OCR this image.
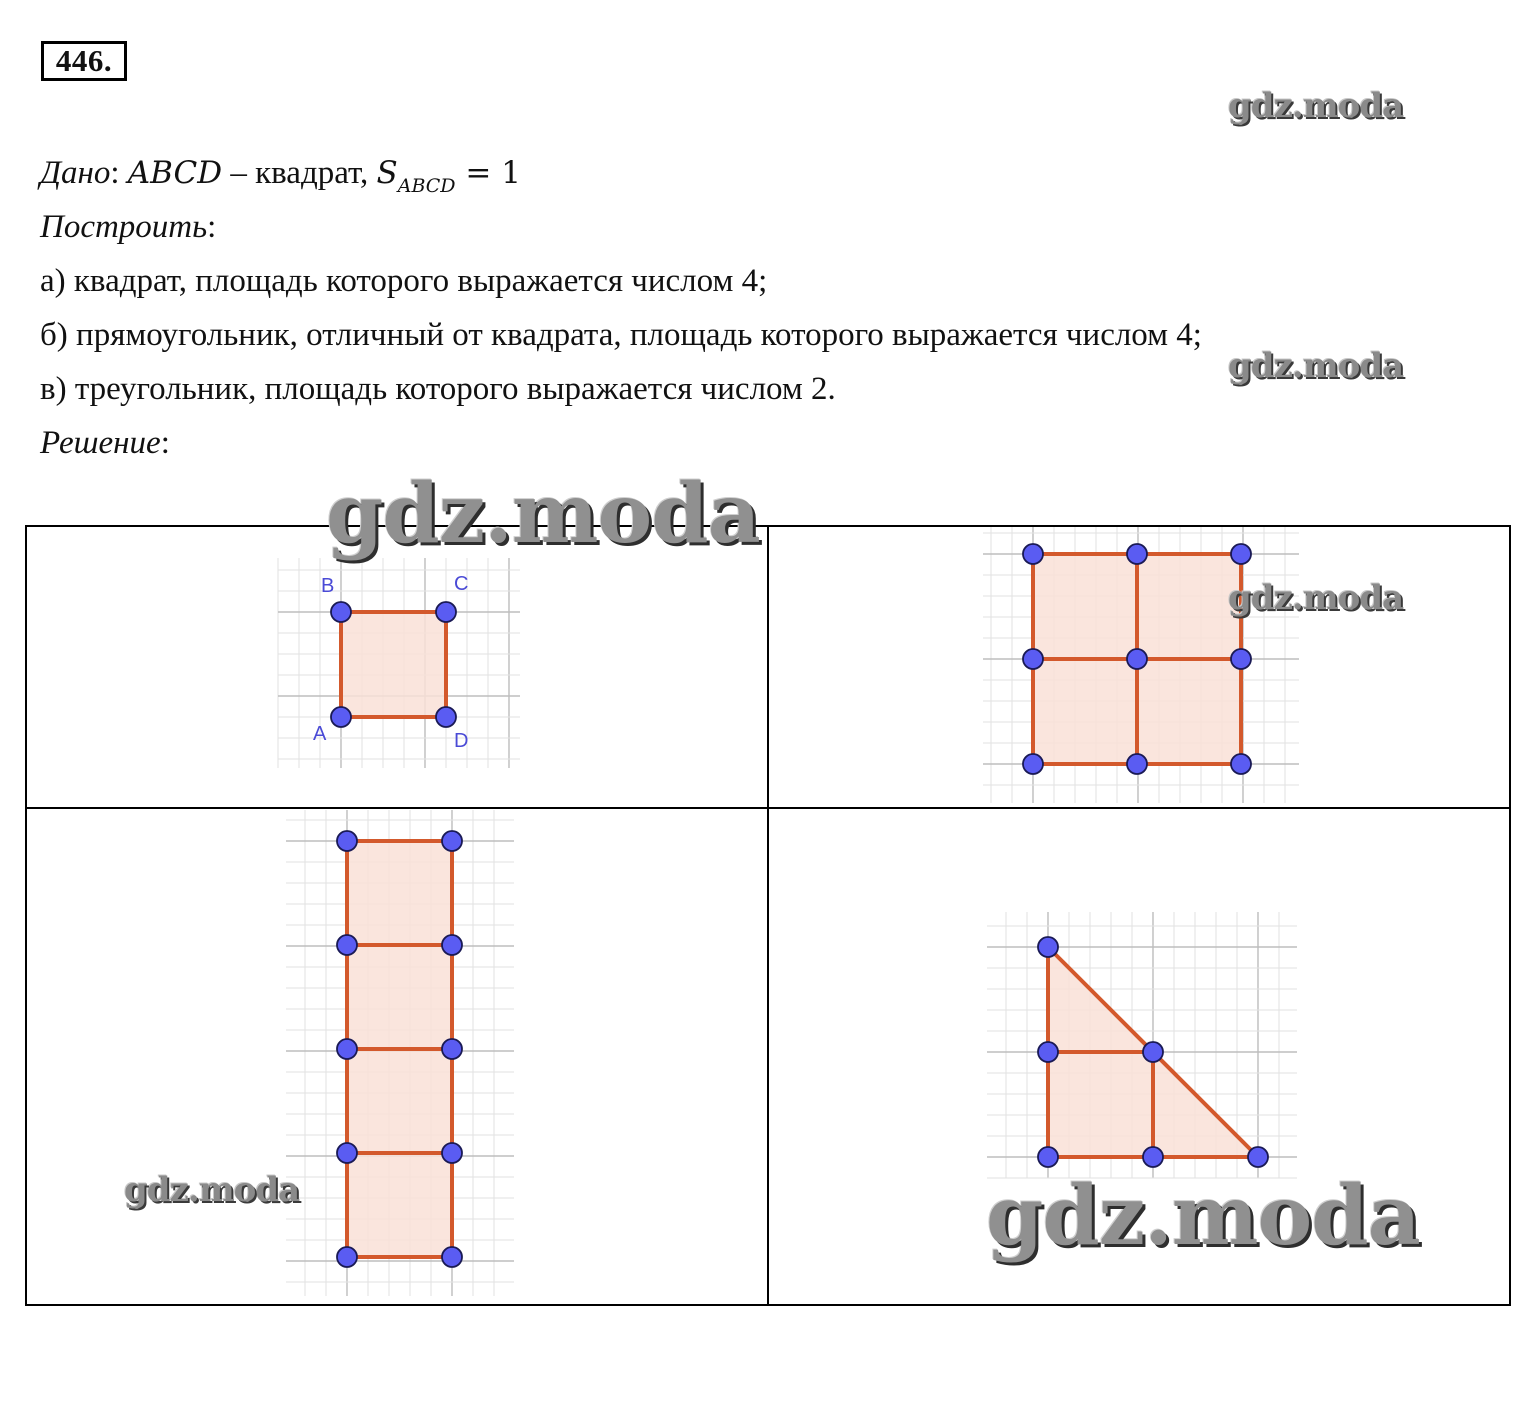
446.
gdz.moda
Дано: ABCD – квадрат, $S_{ABCD} = 1$
Построить:
а) квадрат, площадь которого выражается числом 4;
б) прямоугольник, отличный от квадрата, площадь которого выражается числом 4;
в) треугольник, площадь которого выражается числом 2.
gdz.moda
Решение:
B	C
A	D
gdz.moda
gdz.moda
gdz.moda
gdz.moda
